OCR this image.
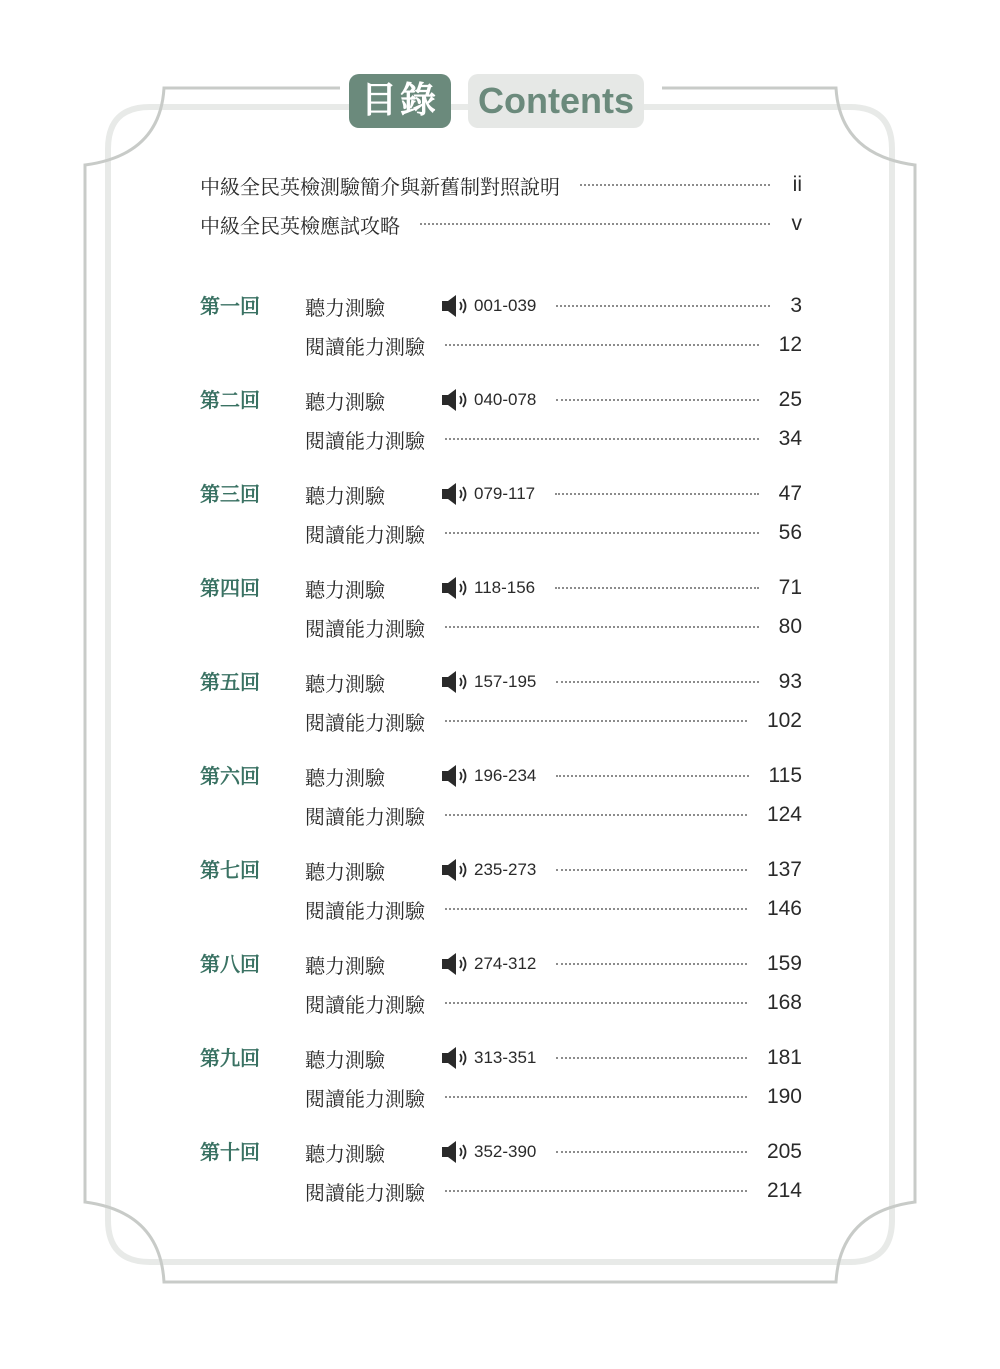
目錄	Contents
中級全民英檢測驗簡介與新舊制對照說明	ii
中級全民英檢應試攻略	v
第一回 聽力測驗	001-039	3
閱讀能力測驗	12
第二回 聽力測驗	040-078	25
閱讀能力測驗	34
第三回 聽力測驗	079-117	47
閱讀能力測驗	56
第四回 聽力測驗	118-156	71
閱讀能力測驗	80
第五回 聽力測驗	157-195	93
閱讀能力測驗	102
第六回 聽力測驗	196-234	115
閱讀能力測驗	124
第七回 聽力測驗	235-273	137
閱讀能力測驗	146
第八回 聽力測驗	274-312	159
閱讀能力測驗	168
第九回 聽力測驗	313-351	181
閱讀能力測驗	190
第十回 聽力測驗	352-390	205
閱讀能力測驗	214
